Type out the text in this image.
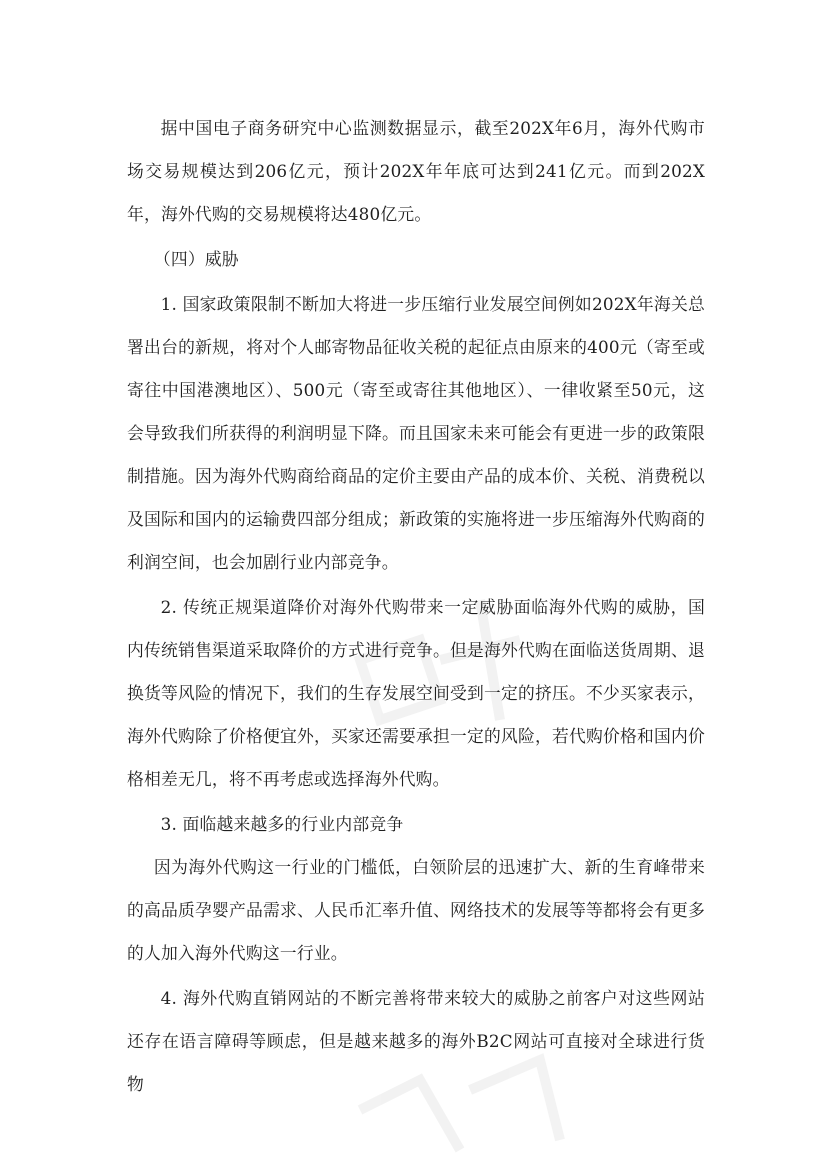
据中国电子商务研究中心监测数据显示，截至202X年6月，海外代购市场交易规模达到206亿元，预计202X年年底可达到241亿元。而到202X年，海外代购的交易规模将达480亿元。

（四）威胁

1. 国家政策限制不断加大将进一步压缩行业发展空间例如202X年海关总署出台的新规，将对个人邮寄物品征收关税的起征点由原来的400元（寄至或寄往中国港澳地区）、500元（寄至或寄往其他地区）、一律收紧至50元，这会导致我们所获得的利润明显下降。而且国家未来可能会有更进一步的政策限制措施。因为海外代购商给商品的定价主要由产品的成本价、关税、消费税以及国际和国内的运输费四部分组成；新政策的实施将进一步压缩海外代购商的利润空间，也会加剧行业内部竞争。

2. 传统正规渠道降价对海外代购带来一定威胁面临海外代购的威胁，国内传统销售渠道采取降价的方式进行竞争。但是海外代购在面临送货周期、退换货等风险的情况下，我们的生存发展空间受到一定的挤压。不少买家表示，海外代购除了价格便宜外，买家还需要承担一定的风险，若代购价格和国内价格相差无几，将不再考虑或选择海外代购。

3. 面临越来越多的行业内部竞争

因为海外代购这一行业的门槛低，白领阶层的迅速扩大、新的生育峰带来的高品质孕婴产品需求、人民币汇率升值、网络技术的发展等等都将会有更多的人加入海外代购这一行业。

4. 海外代购直销网站的不断完善将带来较大的威胁之前客户对这些网站还存在语言障碍等顾虑，但是越来越多的海外B2C网站可直接对全球进行货物
